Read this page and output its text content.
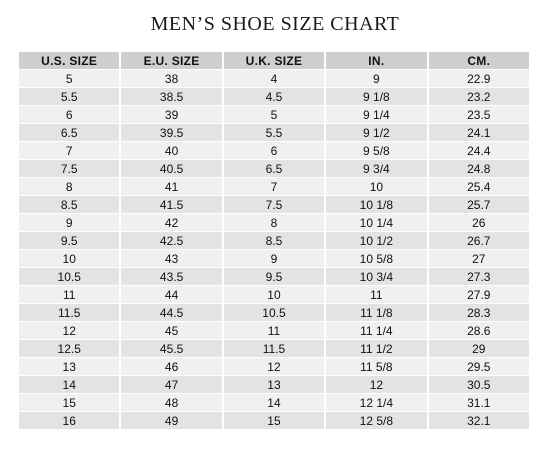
MEN’S SHOE SIZE CHART
U.S. SIZE	E.U. SIZE	U.K. SIZE	IN.	CM.
5	38	4	9	22.9
5.5	38.5	4.5	9 1/8	23.2
6	39	5	9 1/4	23.5
6.5	39.5	5.5	9 1/2	24.1
7	40	6	9 5/8	24.4
7.5	40.5	6.5	9 3/4	24.8
8	41	7	10	25.4
8.5	41.5	7.5	10 1/8	25.7
9	42	8	10 1/4	26
9.5	42.5	8.5	10 1/2	26.7
10	43	9	10 5/8	27
10.5	43.5	9.5	10 3/4	27.3
11	44	10	11	27.9
11.5	44.5	10.5	11 1/8	28.3
12	45	11	11 1/4	28.6
12.5	45.5	11.5	11 1/2	29
13	46	12	11 5/8	29.5
14	47	13	12	30.5
15	48	14	12 1/4	31.1
16	49	15	12 5/8	32.1
